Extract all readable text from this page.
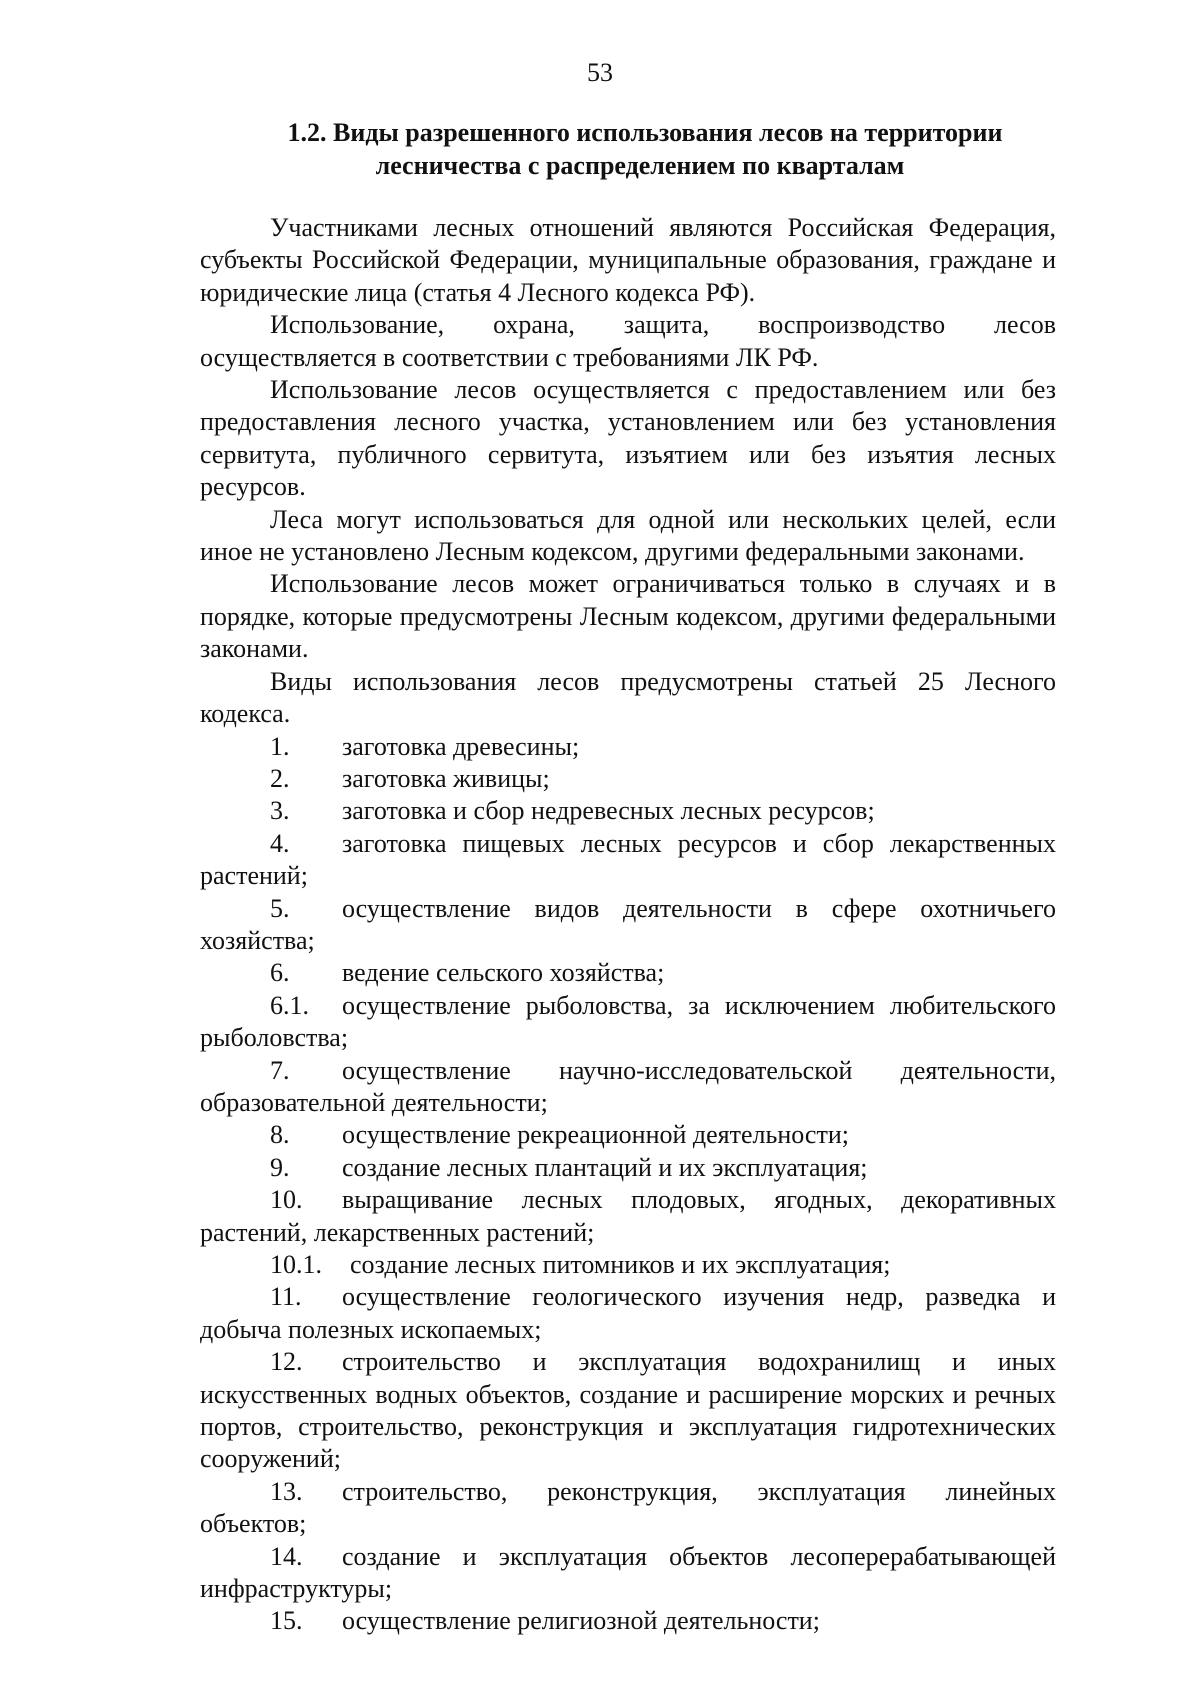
53
1.2. Виды разрешенного использования лесов на территории
лесничества с распределением по кварталам

Участниками лесных отношений являются Российская Федерация, субъекты Российской Федерации, муниципальные образования, граждане и юридические лица (статья 4 Лесного кодекса РФ).

Использование, охрана, защита, воспроизводство лесов осуществляется в соответствии с требованиями ЛК РФ.

Использование лесов осуществляется с предоставлением или без предоставления лесного участка, установлением или без установления сервитута, публичного сервитута, изъятием или без изъятия лесных ресурсов.

Леса могут использоваться для одной или нескольких целей, если иное не установлено Лесным кодексом, другими федеральными законами.

Использование лесов может ограничиваться только в случаях и в порядке, которые предусмотрены Лесным кодексом, другими федеральными законами.

Виды использования лесов предусмотрены статьей 25 Лесного кодекса.

1. заготовка древесины;

2. заготовка живицы;

3. заготовка и сбор недревесных лесных ресурсов;

4. заготовка пищевых лесных ресурсов и сбор лекарственных растений;

5. осуществление видов деятельности в сфере охотничьего хозяйства;

6. ведение сельского хозяйства;

6.1. осуществление рыболовства, за исключением любительского рыболовства;

7. осуществление научно-исследовательской деятельности, образовательной деятельности;

8. осуществление рекреационной деятельности;

9. создание лесных плантаций и их эксплуатация;

10. выращивание лесных плодовых, ягодных, декоративных растений, лекарственных растений;

10.1. создание лесных питомников и их эксплуатация;

11. осуществление геологического изучения недр, разведка и добыча полезных ископаемых;

12. строительство и эксплуатация водохранилищ и иных искусственных водных объектов, создание и расширение морских и речных портов, строительство, реконструкция и эксплуатация гидротехнических сооружений;

13. строительство, реконструкция, эксплуатация линейных объектов;

14. создание и эксплуатация объектов лесоперерабатывающей инфраструктуры;

15. осуществление религиозной деятельности;
